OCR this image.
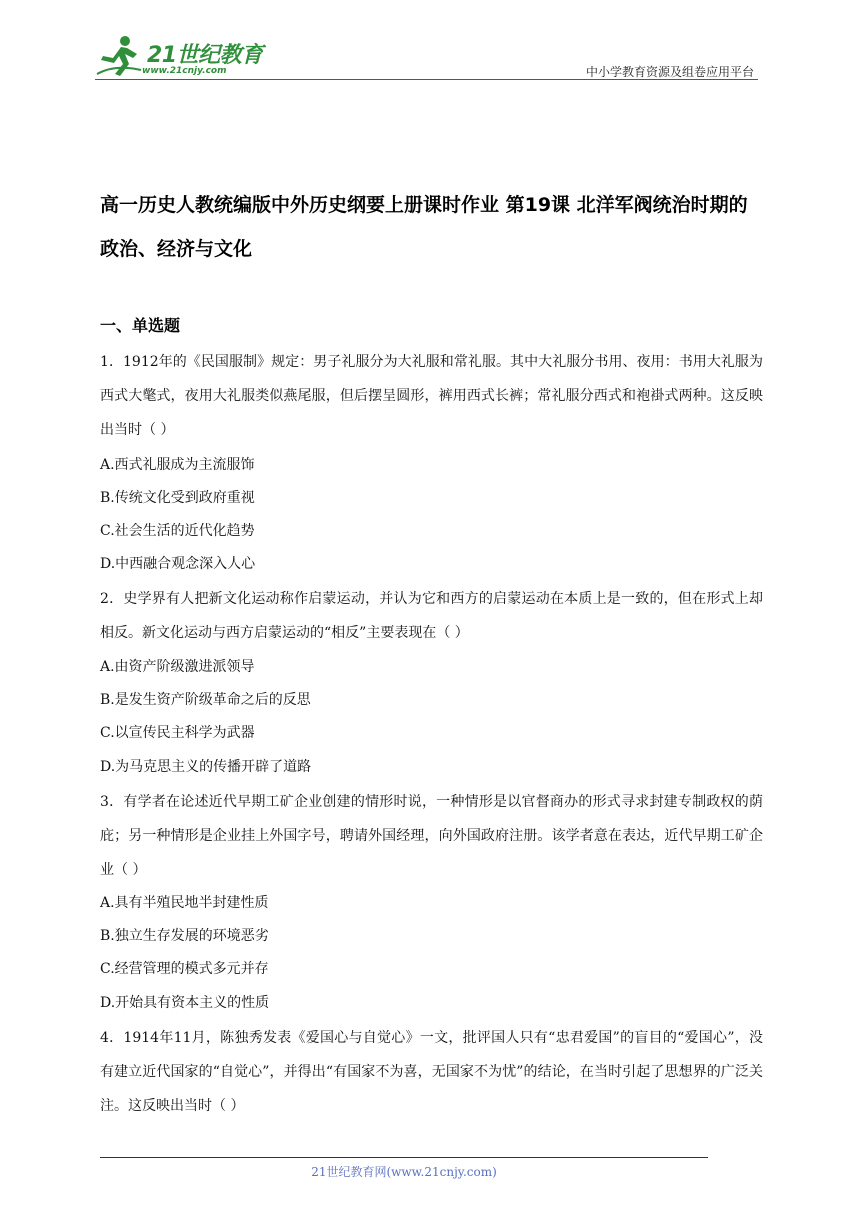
21世纪教育
www.21cnjy.com	中小学教育资源及组卷应用平台
高一历史人教统编版中外历史纲要上册课时作业 第19课 北洋军阀统治时期的政治、经济与文化
一、单选题
1．1912年的《民国服制》规定：男子礼服分为大礼服和常礼服。其中大礼服分书用、夜用：书用大礼服为西式大氅式，夜用大礼服类似燕尾服，但后摆呈圆形，裤用西式长裤；常礼服分西式和袍褂式两种。这反映出当时（ ）
A.西式礼服成为主流服饰
B.传统文化受到政府重视
C.社会生活的近代化趋势
D.中西融合观念深入人心
2．史学界有人把新文化运动称作启蒙运动，并认为它和西方的启蒙运动在本质上是一致的，但在形式上却相反。新文化运动与西方启蒙运动的“相反”主要表现在（ ）
A.由资产阶级激进派领导
B.是发生资产阶级革命之后的反思
C.以宣传民主科学为武器
D.为马克思主义的传播开辟了道路
3．有学者在论述近代早期工矿企业创建的情形时说，一种情形是以官督商办的形式寻求封建专制政权的荫庇；另一种情形是企业挂上外国字号，聘请外国经理，向外国政府注册。该学者意在表达，近代早期工矿企业（ ）
A.具有半殖民地半封建性质
B.独立生存发展的环境恶劣
C.经营管理的模式多元并存
D.开始具有资本主义的性质
4．1914年11月，陈独秀发表《爱国心与自觉心》一文，批评国人只有“忠君爱国”的盲目的“爱国心”，没有建立近代国家的“自觉心”，并得出“有国家不为喜，无国家不为忧”的结论，在当时引起了思想界的广泛关注。这反映出当时（ ）
21世纪教育网(www.21cnjy.com)
